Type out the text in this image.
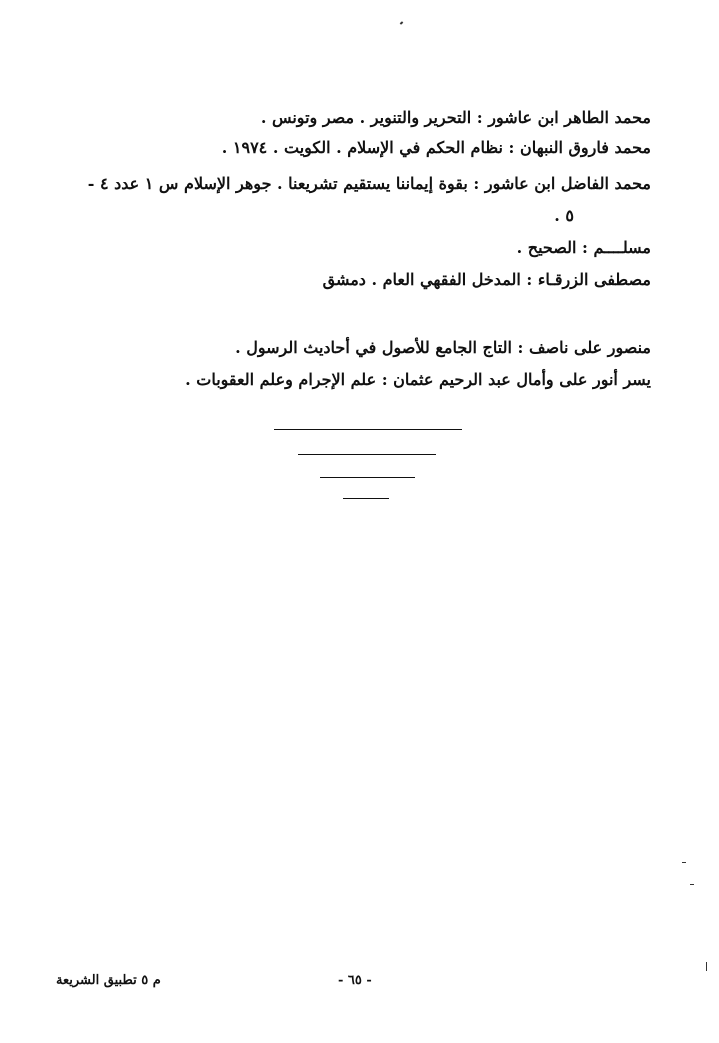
محمد الطاهر ابن عاشور : التحرير والتنوير . مصر وتونس .
محمد فاروق النبهان : نظام الحكم في الإسلام . الكويت . ١٩٧٤ .
محمد الفاضل ابن عاشور : بقوة إيماننا يستقيم تشريعنا . جوهر الإسلام س ١ عدد ٤ -
٥ .
مسلــــم : الصحيح .
مصطفى الزرقـاء : المدخل الفقهي العام . دمشق
منصور على ناصف : التاج الجامع للأصول في أحاديث الرسول .
يسر أنور على وأمال عبد الرحيم عثمان : علم الإجرام وعلم العقوبات .
- ٦٥ -
م ٥ تطبيق الشريعة
